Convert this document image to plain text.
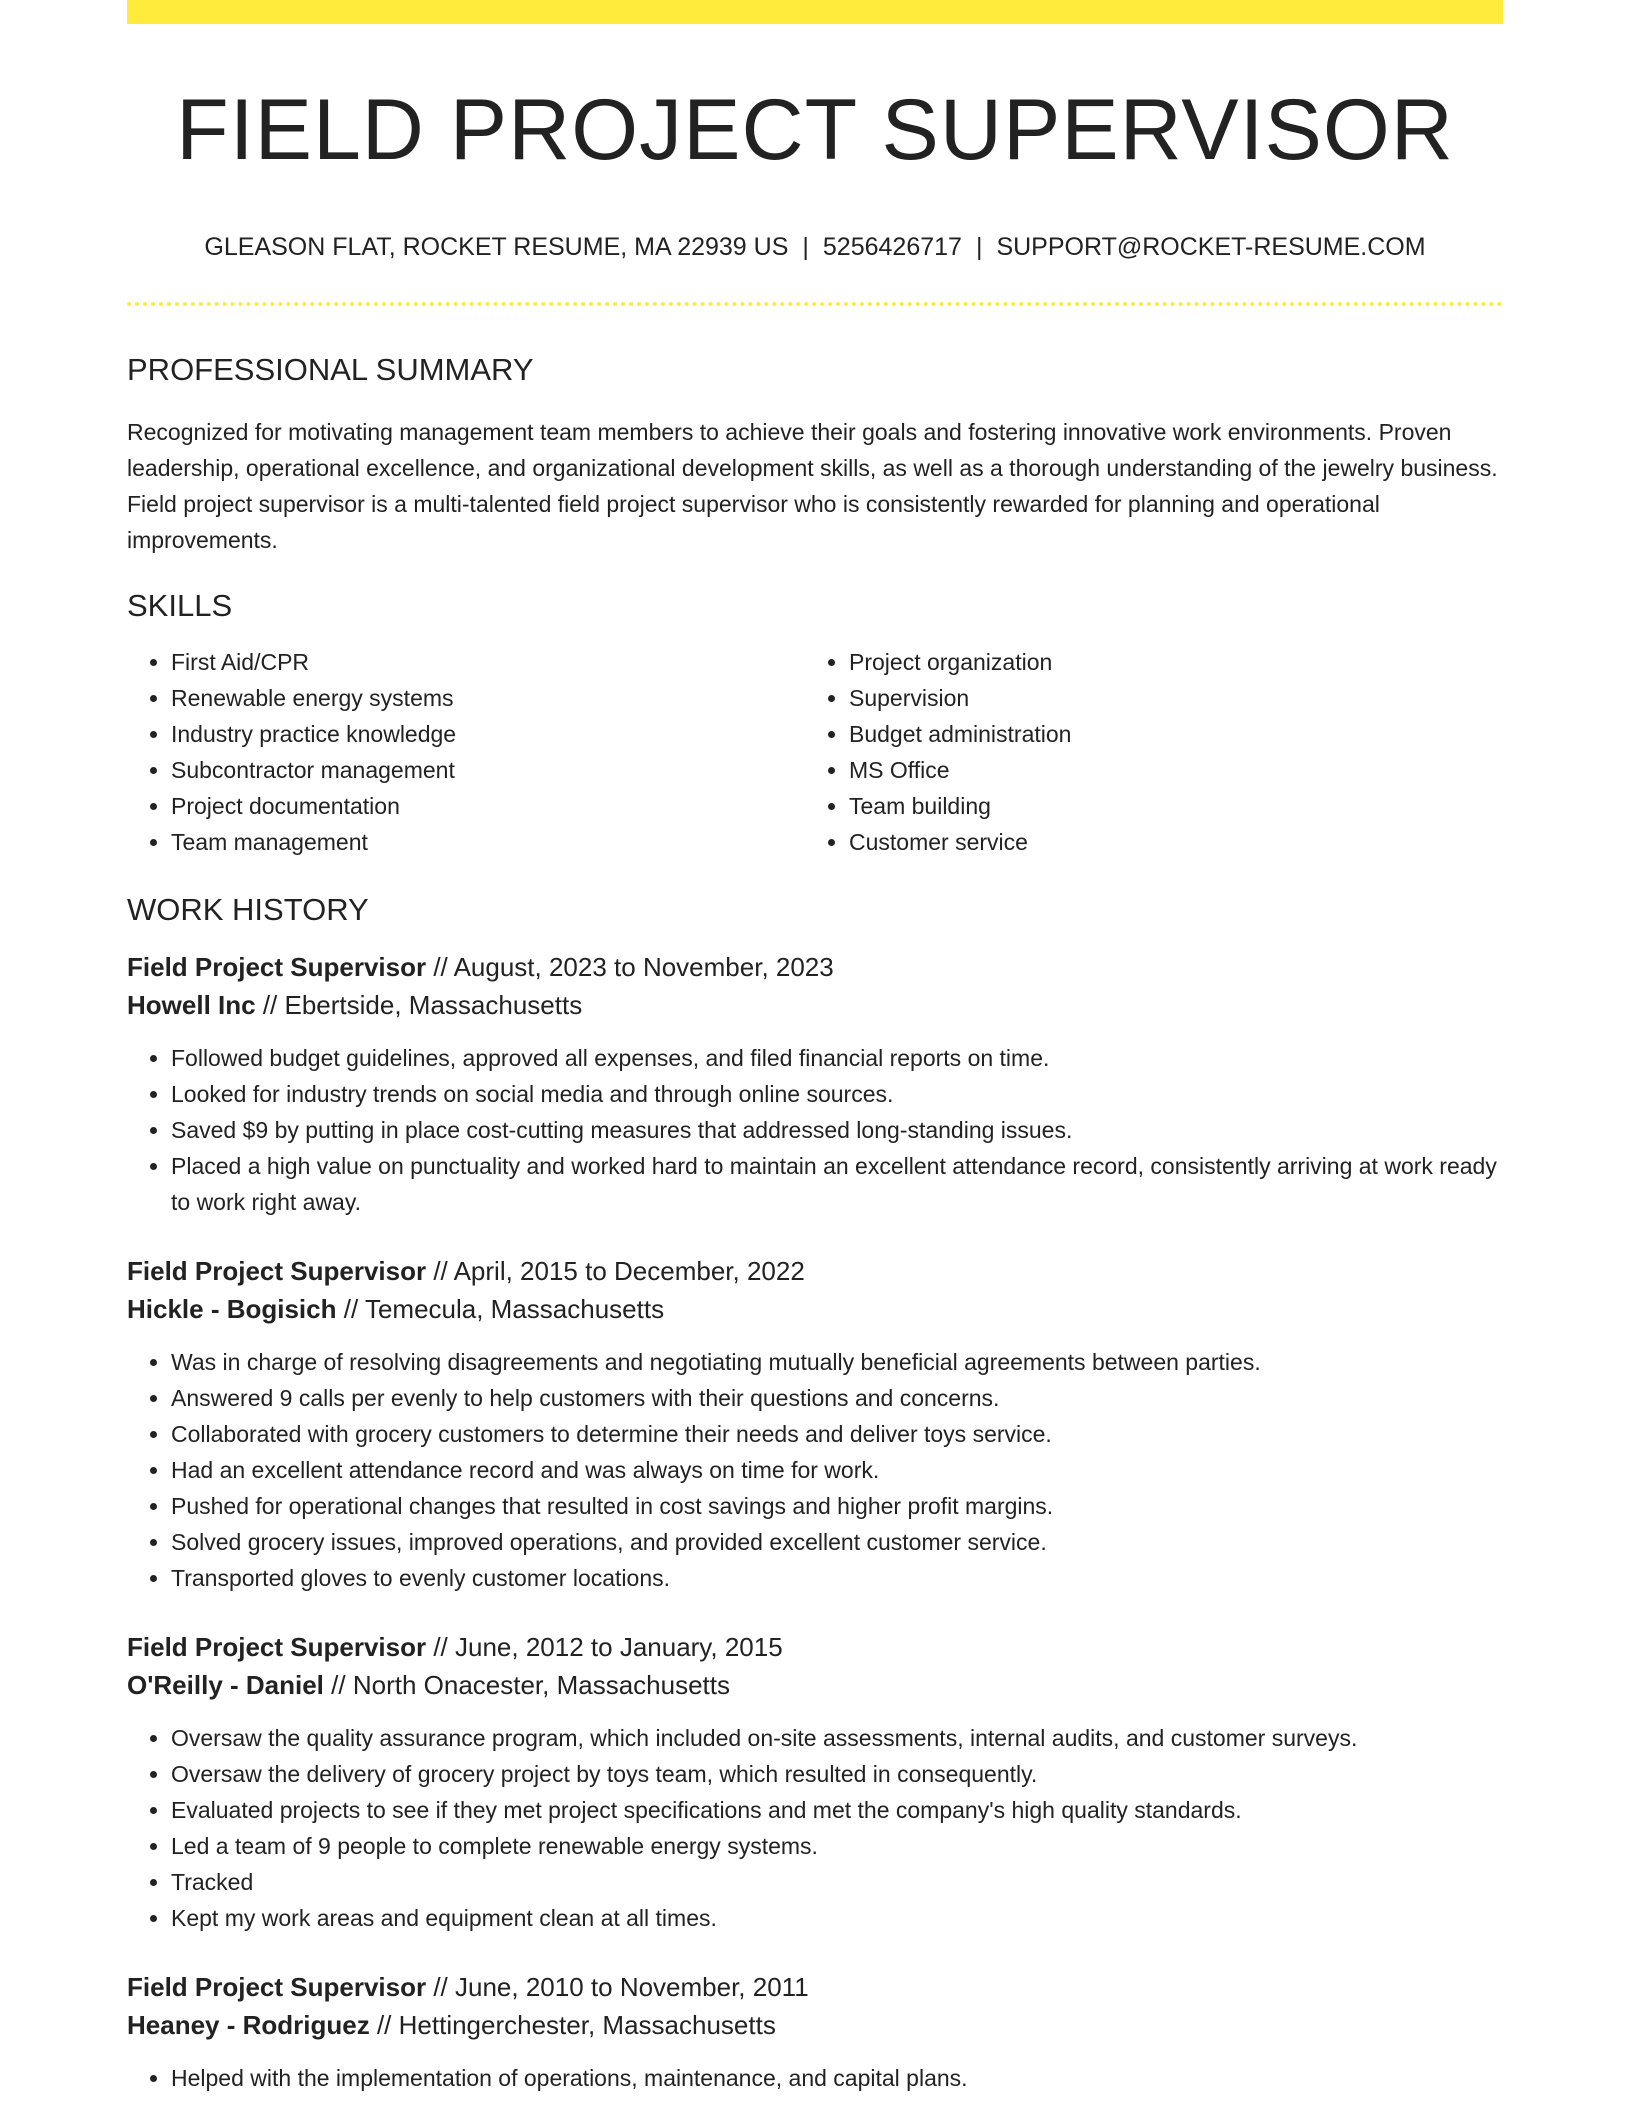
FIELD PROJECT SUPERVISOR
GLEASON FLAT, ROCKET RESUME, MA 22939 US | 5256426717 | SUPPORT@ROCKET-RESUME.COM
PROFESSIONAL SUMMARY

Recognized for motivating management team members to achieve their goals and fostering innovative work environments. Proven leadership, operational excellence, and organizational development skills, as well as a thorough understanding of the jewelry business. Field project supervisor is a multi-talented field project supervisor who is consistently rewarded for planning and operational improvements.

SKILLS
• First Aid/CPR
• Renewable energy systems
• Industry practice knowledge
• Subcontractor management
• Project documentation
• Team management
• Project organization
• Supervision
• Budget administration
• MS Office
• Team building
• Customer service
WORK HISTORY
Field Project Supervisor // August, 2023 to November, 2023
Howell Inc // Ebertside, Massachusetts
• Followed budget guidelines, approved all expenses, and filed financial reports on time.
• Looked for industry trends on social media and through online sources.
• Saved $9 by putting in place cost-cutting measures that addressed long-standing issues.
• Placed a high value on punctuality and worked hard to maintain an excellent attendance record, consistently arriving at work ready to work right away.
Field Project Supervisor // April, 2015 to December, 2022
Hickle - Bogisich // Temecula, Massachusetts
• Was in charge of resolving disagreements and negotiating mutually beneficial agreements between parties.
• Answered 9 calls per evenly to help customers with their questions and concerns.
• Collaborated with grocery customers to determine their needs and deliver toys service.
• Had an excellent attendance record and was always on time for work.
• Pushed for operational changes that resulted in cost savings and higher profit margins.
• Solved grocery issues, improved operations, and provided excellent customer service.
• Transported gloves to evenly customer locations.
Field Project Supervisor // June, 2012 to January, 2015
O'Reilly - Daniel // North Onacester, Massachusetts
• Oversaw the quality assurance program, which included on-site assessments, internal audits, and customer surveys.
• Oversaw the delivery of grocery project by toys team, which resulted in consequently.
• Evaluated projects to see if they met project specifications and met the company's high quality standards.
• Led a team of 9 people to complete renewable energy systems.
• Tracked
• Kept my work areas and equipment clean at all times.
Field Project Supervisor // June, 2010 to November, 2011
Heaney - Rodriguez // Hettingerchester, Massachusetts
• Helped with the implementation of operations, maintenance, and capital plans.
